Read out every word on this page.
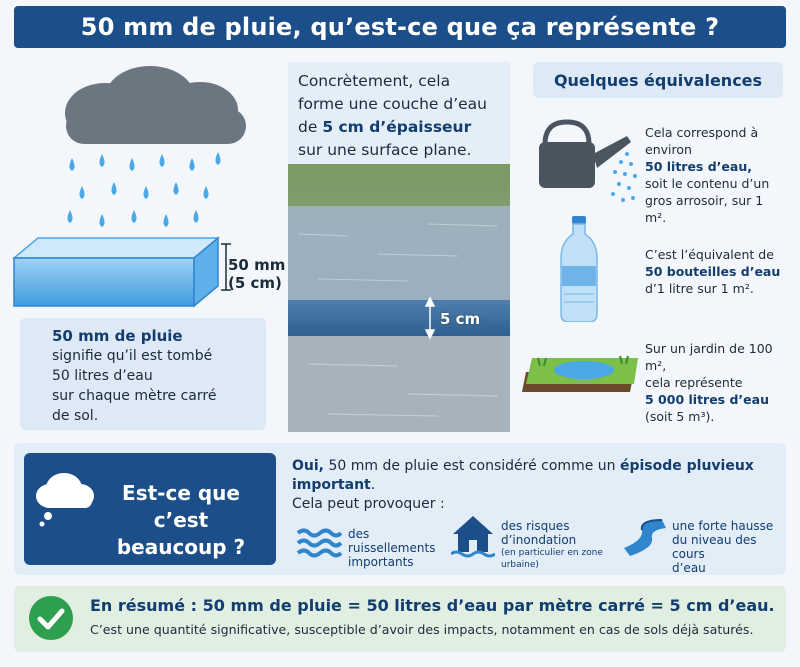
50 mm de pluie, qu’est-ce que ça représente ?
50 mm
(5 cm)
50 mm de pluie
signifie qu’il est tombé
50 litres d’eau
sur chaque mètre carré
de sol.
Concrètement, cela forme une couche d’eau de 5 cm d’épaisseur sur une surface plane.
5 cm
Quelques équivalences
Cela correspond à environ
50 litres d’eau,
soit le contenu d’un
gros arrosoir, sur 1 m².
C’est l’équivalent de
50 bouteilles d’eau
d’1 litre sur 1 m².
Sur un jardin de 100 m²,
cela représente
5 000 litres d’eau
(soit 5 m³).
Est-ce que
c’est beaucoup ?
Oui, 50 mm de pluie est considéré comme un épisode pluvieux important.
Cela peut provoquer :
des ruissellements
importants
des risques
d’inondation
(en particulier en zone urbaine)
une forte hausse
du niveau des cours
d’eau
En résumé : 50 mm de pluie = 50 litres d’eau par mètre carré = 5 cm d’eau.
C’est une quantité significative, susceptible d’avoir des impacts, notamment en cas de sols déjà saturés.
